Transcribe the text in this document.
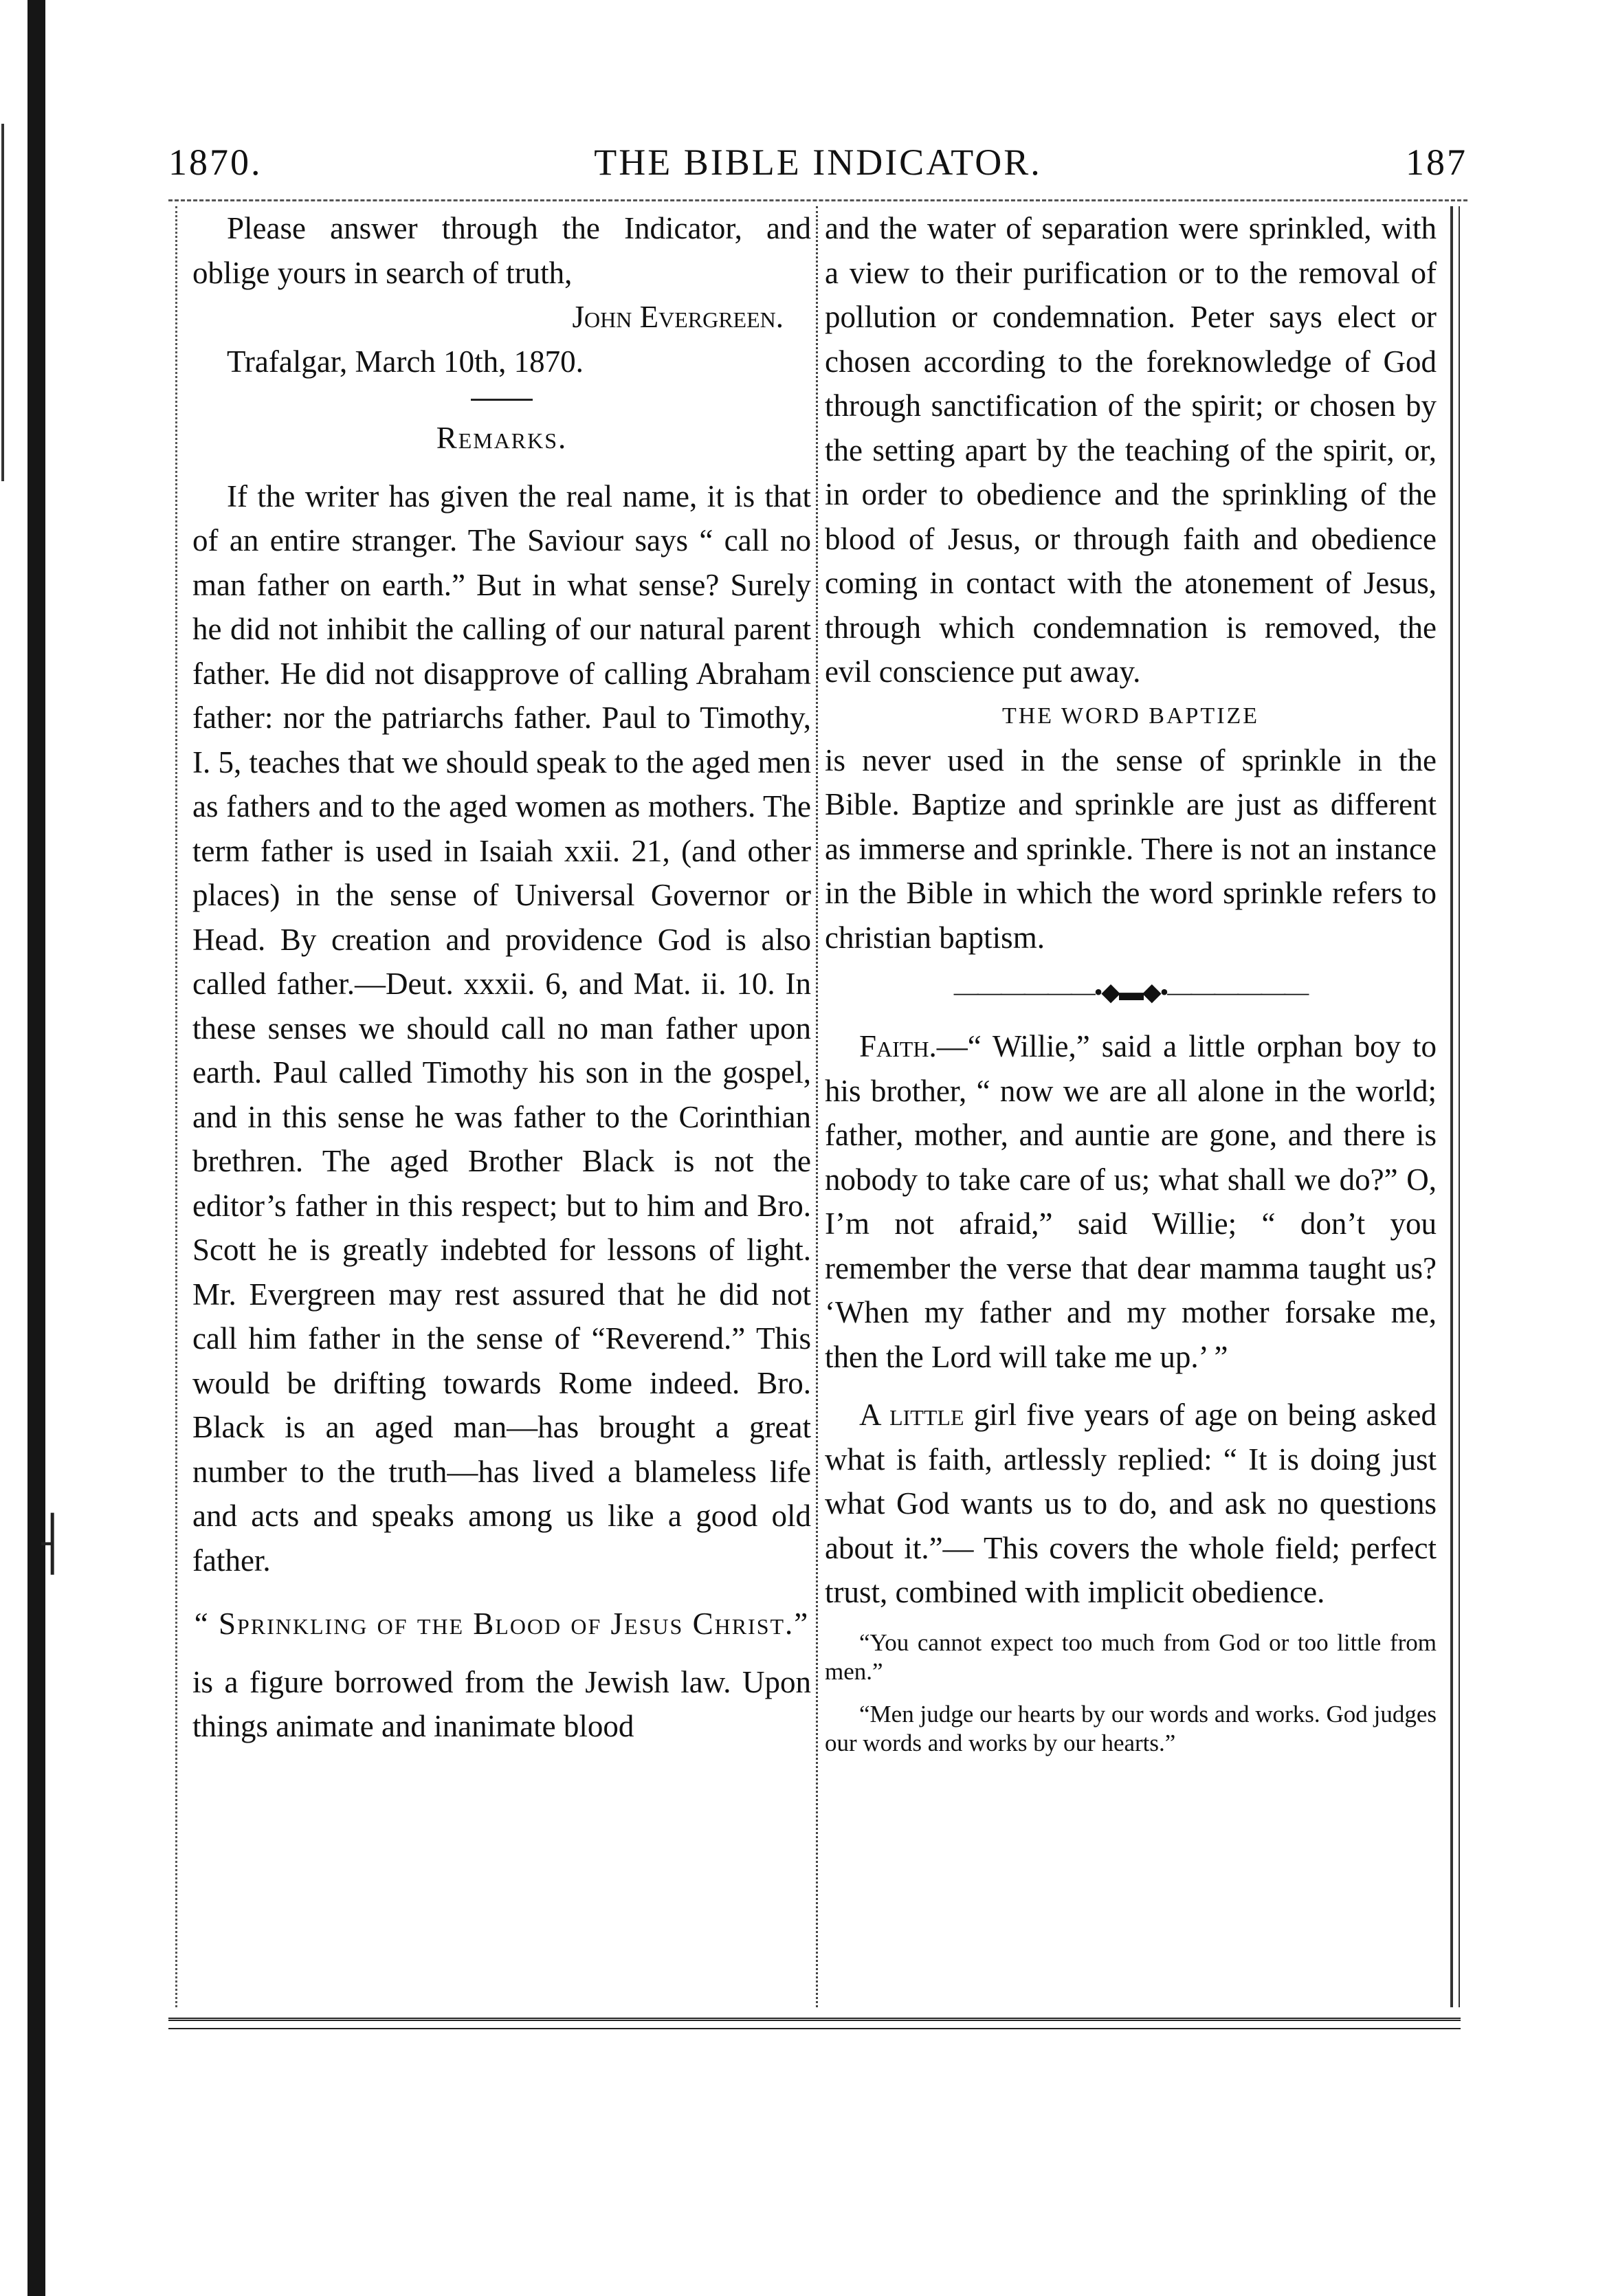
⸡
1870.	THE BIBLE INDICATOR.	187

Please answer through the Indicator, and oblige yours in search of truth,

John Evergreen.

Trafalgar, March 10th, 1870.

Remarks.

If the writer has given the real name, it is that of an entire stranger. The Saviour says “ call no man father on earth.” But in what sense? Surely he did not inhibit the calling of our natural parent father. He did not disapprove of calling Abraham father: nor the patriarchs father. Paul to Timothy, I. 5, teaches that we should speak to the aged men as fathers and to the aged women as mothers. The term father is used in Isaiah xxii. 21, (and other places) in the sense of Universal Governor or Head. By creation and providence God is also called father.—Deut. xxxii. 6, and Mat. ii. 10. In these senses we should call no man father upon earth. Paul called Timothy his son in the gospel, and in this sense he was father to the Corinthian brethren. The aged Brother Black is not the editor’s father in this respect; but to him and Bro. Scott he is greatly indebted for lessons of light. Mr. Evergreen may rest assured that he did not call him father in the sense of “Reverend.” This would be drifting towards Rome indeed. Bro. Black is an aged man—has brought a great number to the truth—has lived a blameless life and acts and speaks among us like a good old father.

“ Sprinkling of the Blood of Jesus Christ.”

is a figure borrowed from the Jewish law. Upon things animate and inanimate blood

and the water of separation were sprinkled, with a view to their purification or to the removal of pollution or condemnation. Peter says elect or chosen according to the foreknowledge of God through sanctification of the spirit; or chosen by the setting apart by the teaching of the spirit, or, in order to obedience and the sprinkling of the blood of Jesus, or through faith and obedience coming in contact with the atonement of Jesus, through which condemnation is removed, the evil conscience put away.

THE WORD BAPTIZE

is never used in the sense of sprinkle in the Bible. Baptize and sprinkle are just as different as immerse and sprinkle. There is not an instance in the Bible in which the word sprinkle refers to christian baptism.

——————•◆▬◆•——————

Faith.—“ Willie,” said a little orphan boy to his brother, “ now we are all alone in the world; father, mother, and auntie are gone, and there is nobody to take care of us; what shall we do?” O, I’m not afraid,” said Willie; “ don’t you remember the verse that dear mamma taught us? ‘When my father and my mother forsake me, then the Lord will take me up.’ ”

A little girl five years of age on being asked what is faith, artlessly replied: “ It is doing just what God wants us to do, and ask no questions about it.”— This covers the whole field; perfect trust, combined with implicit obedience.

“You cannot expect too much from God or too little from men.”

“Men judge our hearts by our words and works. God judges our words and works by our hearts.”
